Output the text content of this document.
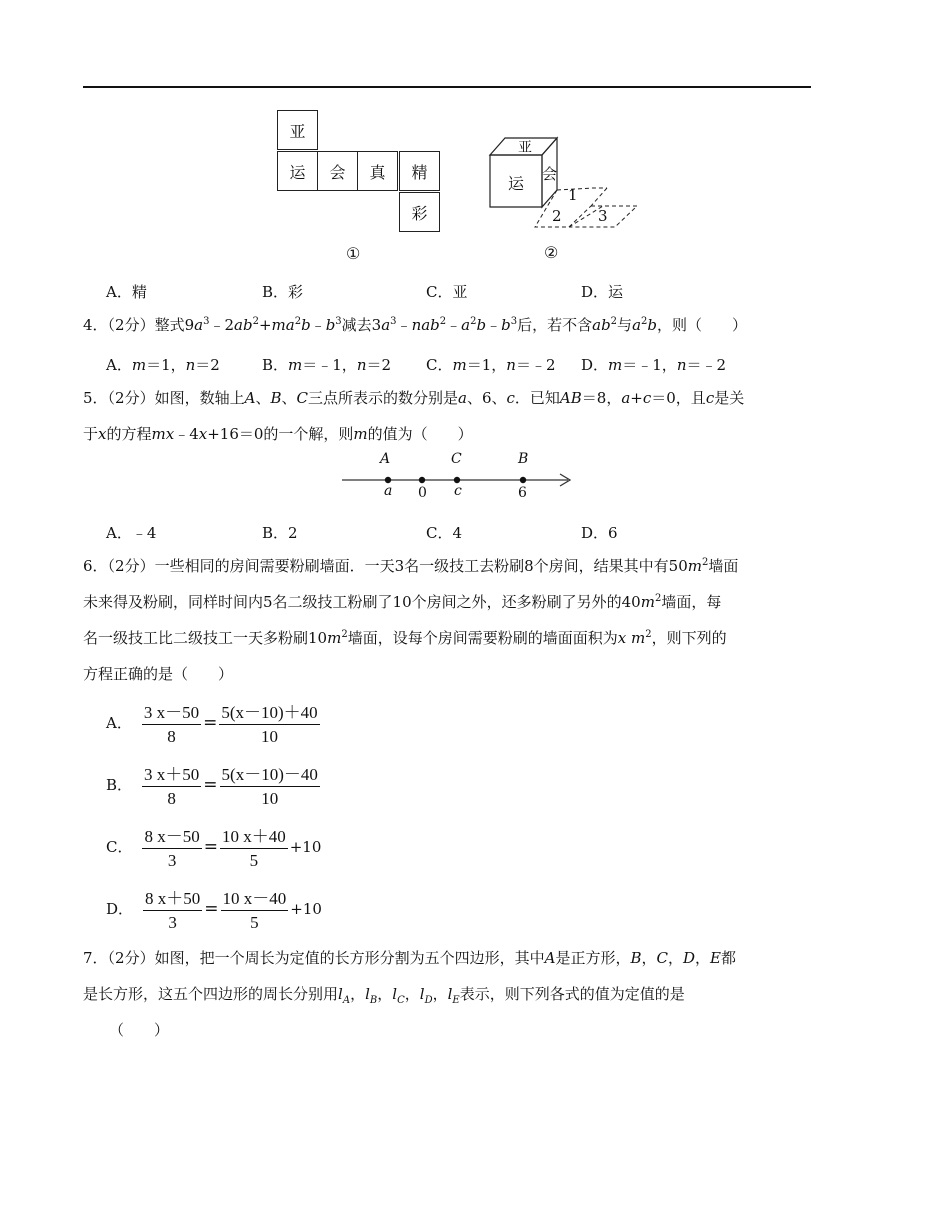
亚
运 会 真 精
彩
①
亚
运 会
1
2 3
②
A．精	B．彩	C．亚	D．运

4．（2分）整式$9a^3﹣2ab^2+ma^2b﹣b^3$减去$3a^3﹣nab^2﹣a^2b﹣b^3$后，若不含$ab^2$与$a^2b$，则（　　）

A．m＝1，n＝2	B．m＝﹣1，n＝2 C．m＝1，n＝﹣2 D．m＝﹣1，n＝﹣2

5．（2分）如图，数轴上A、B、C三点所表示的数分别是a、6、c．已知AB＝8，a+c＝0，且c是关

于x的方程mx﹣4x+16＝0的一个解，则m的值为（　　）

A	C	B
a 0 c	6
A．﹣4	B．2	C．4	D．6

6．（2分）一些相同的房间需要粉刷墙面．一天3名一级技工去粉刷8个房间，结果其中有$50m^2$墙面

未来得及粉刷，同样时间内5名二级技工粉刷了10个房间之外，还多粉刷了另外的$40m^2$墙面，每

名一级技工比二级技工一天多粉刷$10m^2$墙面，设每个房间需要粉刷的墙面面积为x $m^2$，则下列的

方程正确的是（　　）

A． $\frac{3 x-50}{8} = \frac{5(x-10)+40}{10}$
B． $\frac{3 x+50}{8} = \frac{5(x-10)-40}{10}$
C． $\frac{8 x-50}{3} = \frac{10 x+40}{5} +10$
D． $\frac{8 x+50}{3} = \frac{10 x-40}{5} +10$

7．（2分）如图，把一个周长为定值的长方形分割为五个四边形，其中A是正方形，B，C，D，E都

是长方形，这五个四边形的周长分别用$l_A$，$l_B$，$l_C$，$l_D$，$l_E$表示，则下列各式的值为定值的是

（　　）
